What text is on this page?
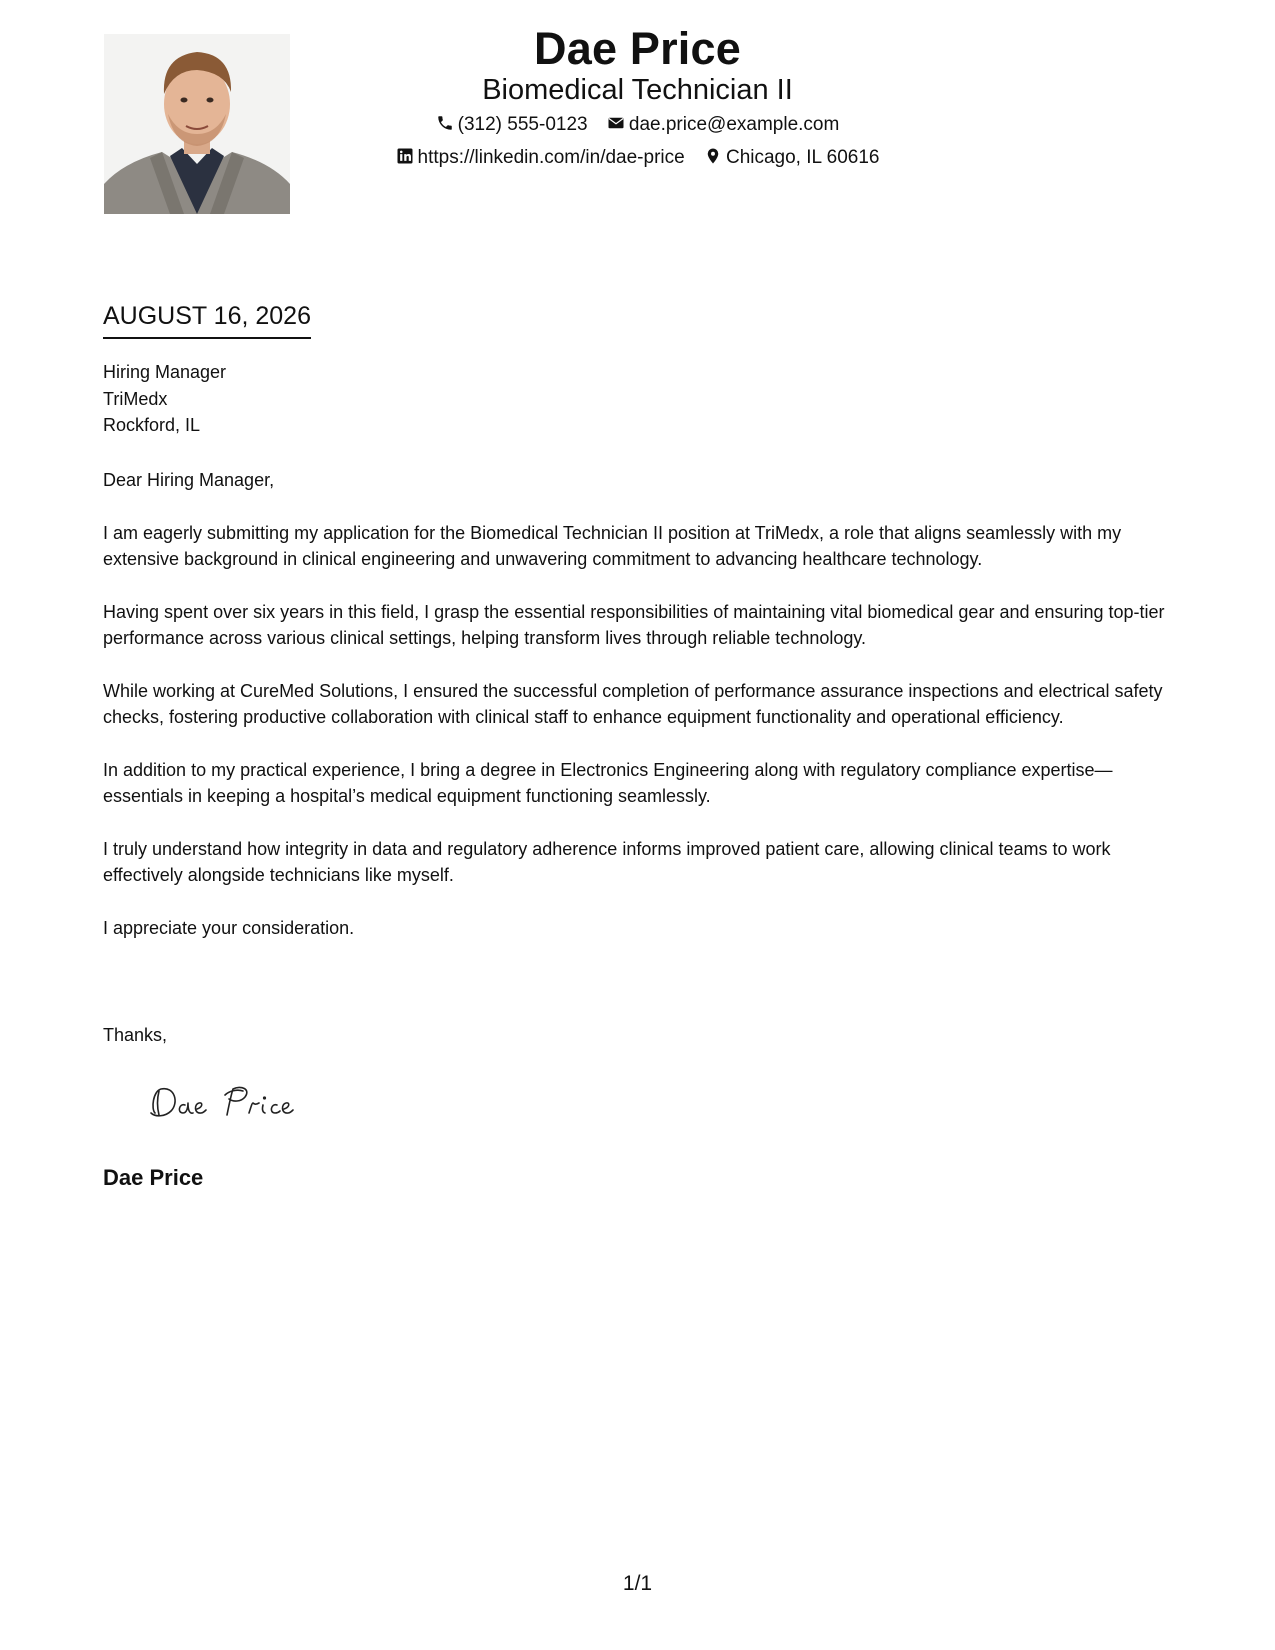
Dae Price
Biomedical Technician II
(312) 555-0123 dae.price@example.com
https://linkedin.com/in/dae-price Chicago, IL 60616
AUGUST 16, 2026
Hiring Manager
TriMedx
Rockford, IL

Dear Hiring Manager,

I am eagerly submitting my application for the Biomedical Technician II position at TriMedx, a role that aligns seamlessly with my extensive background in clinical engineering and unwavering commitment to advancing healthcare technology.

Having spent over six years in this field, I grasp the essential responsibilities of maintaining vital biomedical gear and ensuring top-tier performance across various clinical settings, helping transform lives through reliable technology.

While working at CureMed Solutions, I ensured the successful completion of performance assurance inspections and electrical safety checks, fostering productive collaboration with clinical staff to enhance equipment functionality and operational efficiency.

In addition to my practical experience, I bring a degree in Electronics Engineering along with regulatory compliance expertise—essentials in keeping a hospital’s medical equipment functioning seamlessly.

I truly understand how integrity in data and regulatory adherence informs improved patient care, allowing clinical teams to work effectively alongside technicians like myself.

I appreciate your consideration.

Thanks,
Dae Price
1/1
